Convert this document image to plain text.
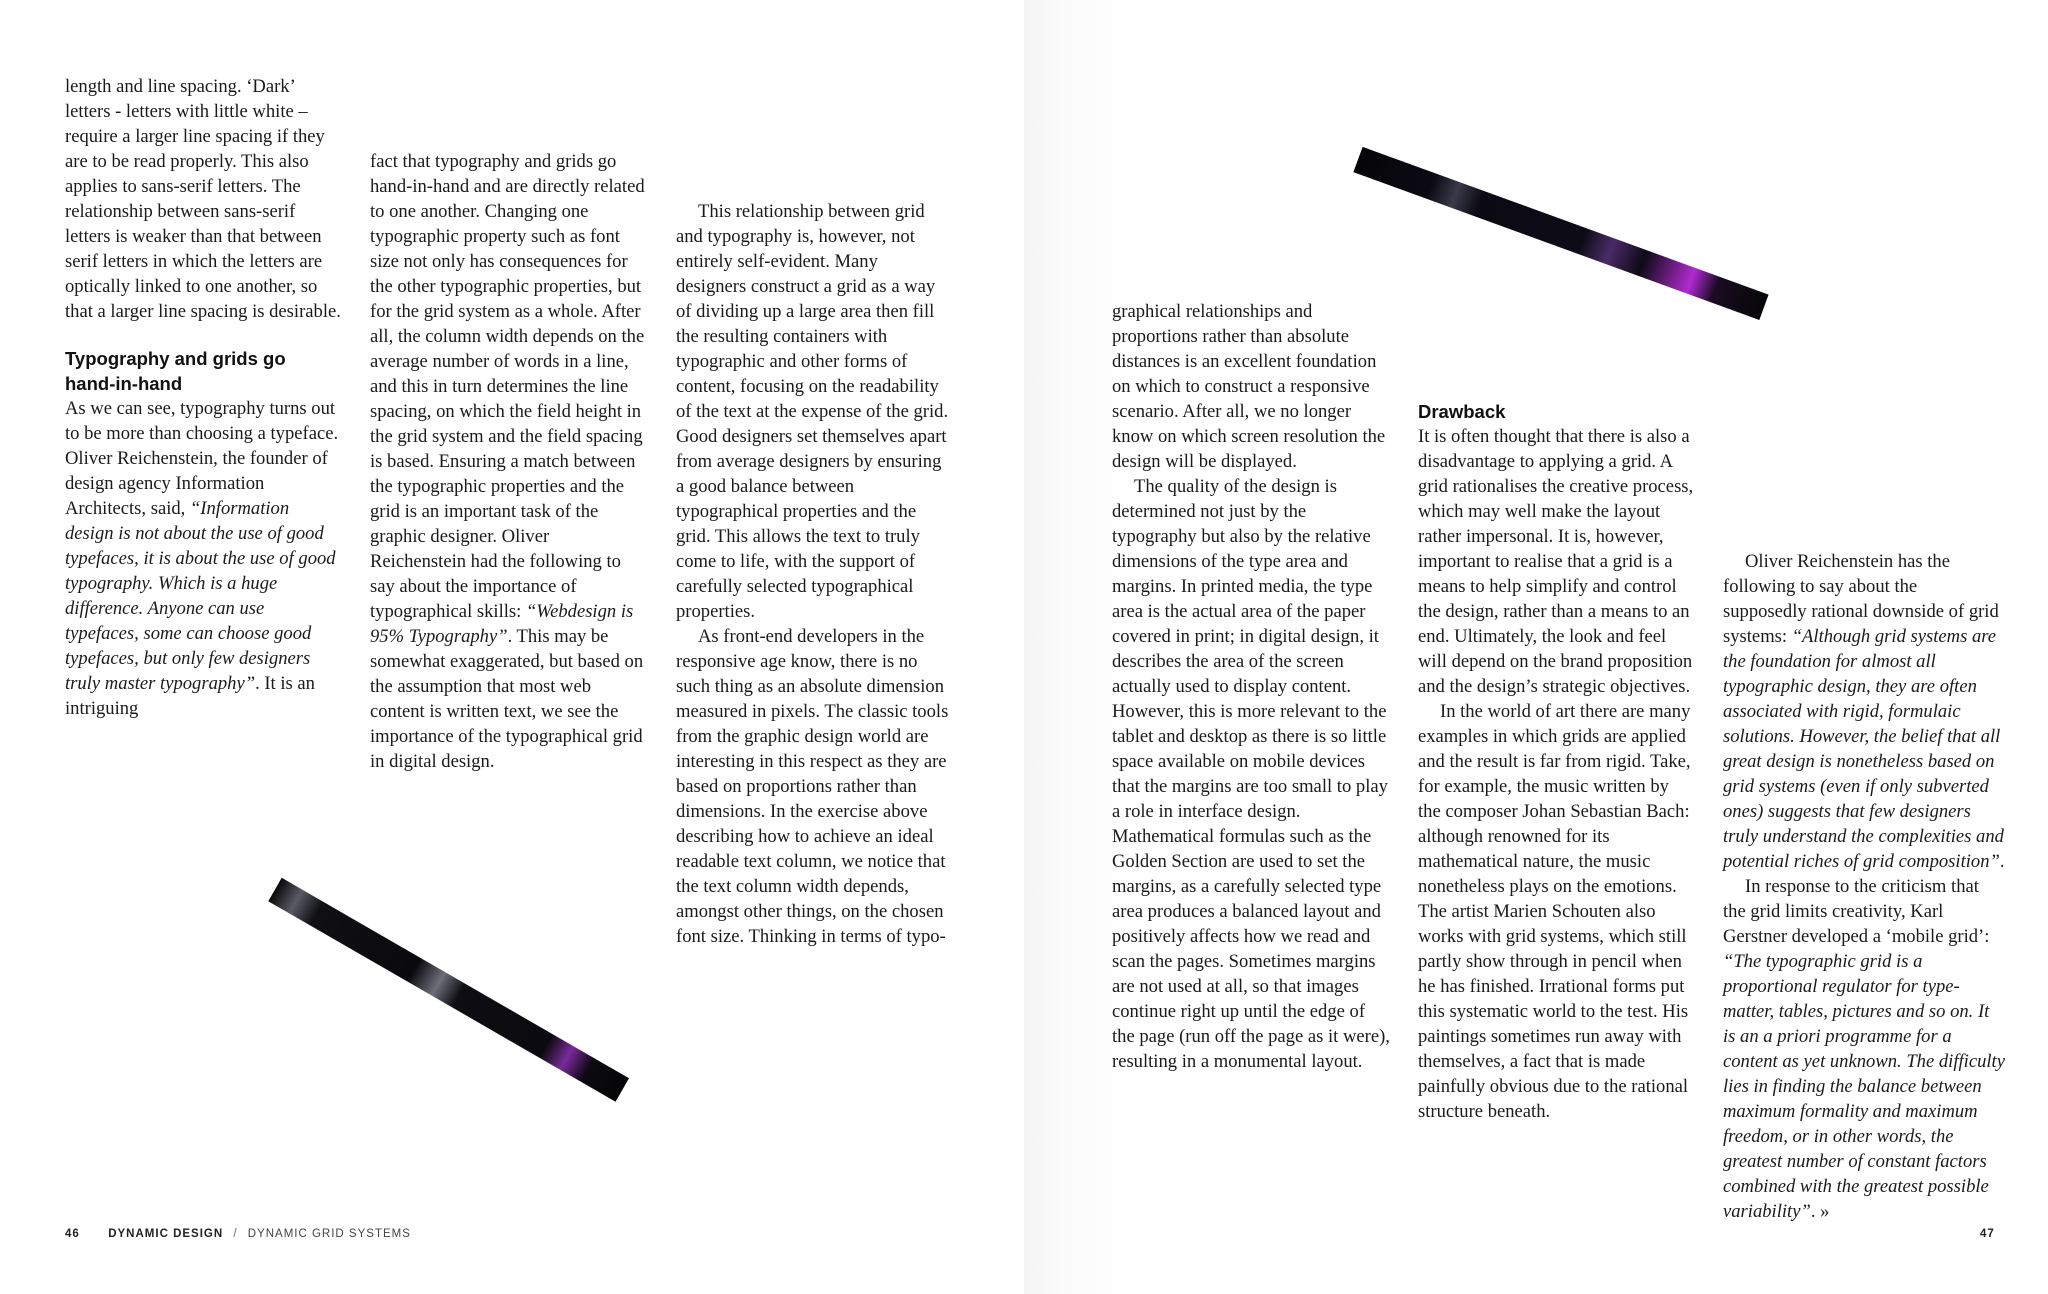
length and line spacing. ‘Dark’ letters - letters with little white – require a larger line spacing if they are to be read properly. This also applies to sans-serif letters. The relationship between sans-serif letters is weaker than that between serif letters in which the letters are optically linked to one another, so that a larger line spacing is desirable.

Typography and grids go hand-in-hand

As we can see, typography turns out to be more than choosing a typeface. Oliver Reichenstein, the founder of design agency Information Architects, said, “Information design is not about the use of good typefaces, it is about the use of good typography. Which is a huge difference. Anyone can use typefaces, some can choose good typefaces, but only few designers truly master typography”. It is an intriguing

fact that typography and grids go hand-in-hand and are directly related to one another. Changing one typographic property such as font size not only has consequences for the other typographic properties, but for the grid system as a whole. After all, the column width depends on the average number of words in a line, and this in turn determines the line spacing, on which the field height in the grid system and the field spacing is based. Ensuring a match between the typographic properties and the grid is an important task of the graphic designer. Oliver Reichenstein had the following to say about the importance of typographical skills: “Webdesign is 95% Typography”. This may be somewhat exaggerated, but based on the assumption that most web content is written text, we see the importance of the typographical grid in digital design.

This relationship between grid and typography is, however, not entirely self-evident. Many designers construct a grid as a way of dividing up a large area then fill the resulting containers with typographic and other forms of content, focusing on the readability of the text at the expense of the grid. Good designers set themselves apart from average designers by ensuring a good balance between typographical properties and the grid. This allows the text to truly come to life, with the support of carefully selected typographical properties.

As front-end developers in the responsive age know, there is no such thing as an absolute dimension measured in pixels. The classic tools from the graphic design world are interesting in this respect as they are based on proportions rather than dimensions. In the exercise above describing how to achieve an ideal readable text column, we notice that the text column width depends, amongst other things, on the chosen font size. Thinking in terms of typo-

graphical relationships and proportions rather than absolute distances is an excellent foundation on which to construct a responsive scenario. After all, we no longer know on which screen resolution the design will be displayed.

The quality of the design is determined not just by the typography but also by the relative dimensions of the type area and margins. In printed media, the type area is the actual area of the paper covered in print; in digital design, it describes the area of the screen actually used to display content. However, this is more relevant to the tablet and desktop as there is so little space available on mobile devices that the margins are too small to play a role in interface design. Mathematical formulas such as the Golden Section are used to set the margins, as a carefully selected type area produces a balanced layout and positively affects how we read and scan the pages. Sometimes margins are not used at all, so that images continue right up until the edge of the page (run off the page as it were), resulting in a monumental layout.

Drawback

It is often thought that there is also a disadvantage to applying a grid. A grid rationalises the creative process, which may well make the layout rather impersonal. It is, however, important to realise that a grid is a means to help simplify and control the design, rather than a means to an end. Ultimately, the look and feel will depend on the brand proposition and the design’s strategic objectives.

In the world of art there are many examples in which grids are applied and the result is far from rigid. Take, for example, the music written by the composer Johan Sebastian Bach: although renowned for its mathematical nature, the music nonetheless plays on the emotions. The artist Marien Schouten also works with grid systems, which still partly show through in pencil when he has finished. Irrational forms put this systematic world to the test. His paintings sometimes run away with themselves, a fact that is made painfully obvious due to the rational structure beneath.

Oliver Reichenstein has the following to say about the supposedly rational downside of grid systems: “Although grid systems are the foundation for almost all typographic design, they are often associated with rigid, formulaic solutions. However, the belief that all great design is nonetheless based on grid systems (even if only subverted ones) suggests that few designers truly understand the complexities and potential riches of grid composition”.

In response to the criticism that the grid limits creativity, Karl Gerstner developed a ‘mobile grid’: “The typographic grid is a proportional regulator for type-matter, tables, pictures and so on. It is an a priori programme for a content as yet unknown. The difficulty lies in finding the balance between maximum formality and maximum freedom, or in other words, the greatest number of constant factors combined with the greatest possible variability”. »

46 DYNAMIC DESIGN / DYNAMIC GRID SYSTEMS	47
